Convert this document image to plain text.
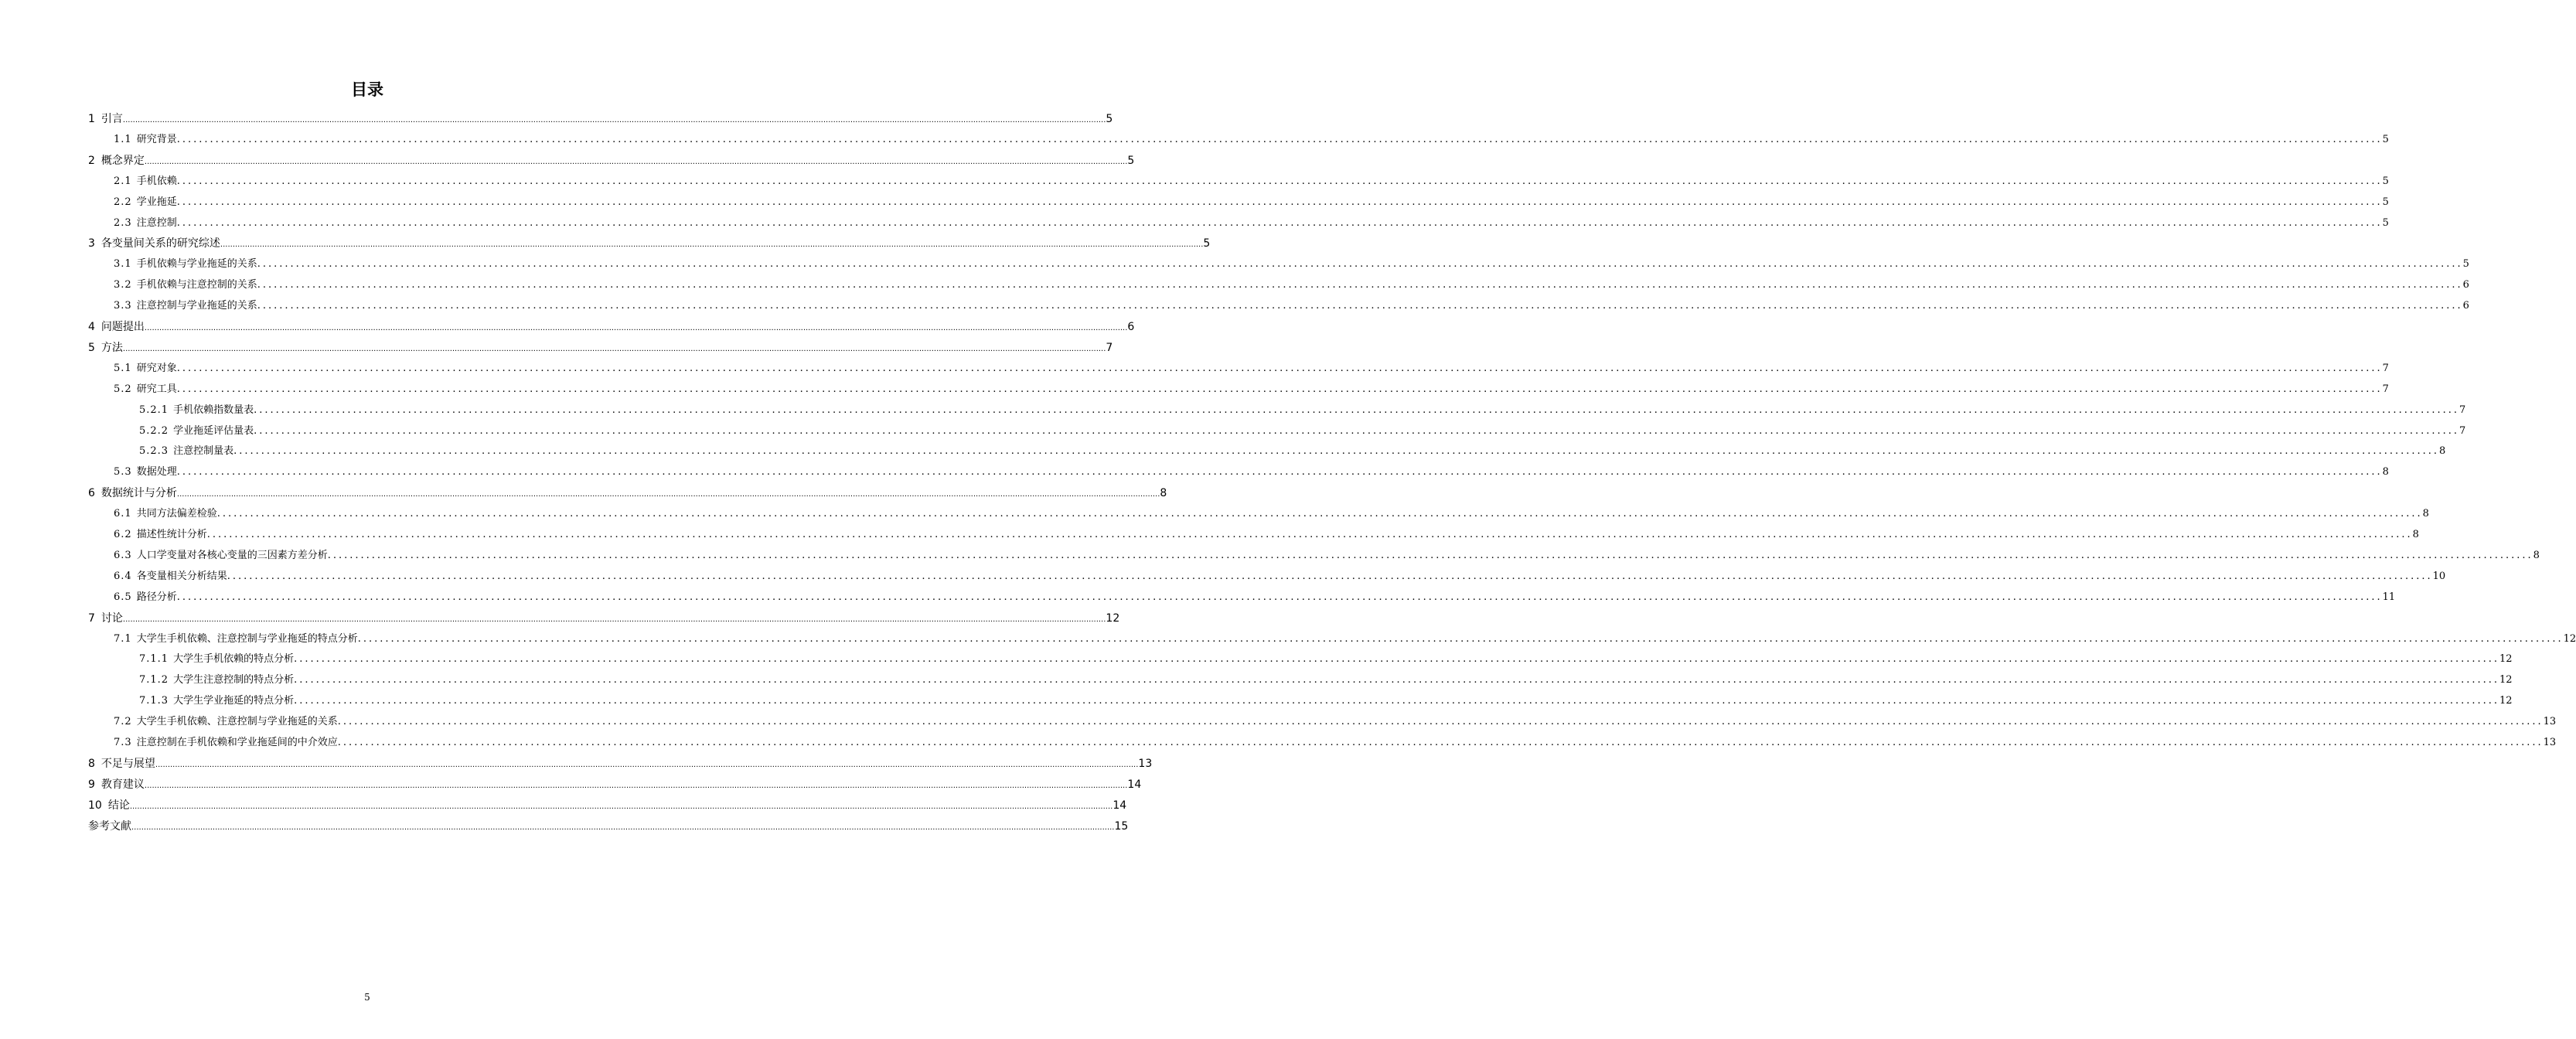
目录
1 引言 ................................................................................................................................................................................................................................................................................................................................................................................................................ 5
1.1 研究背景 ................................................................................................................................................................................................................................................................................................................................................................................................................ 5
2 概念界定 ................................................................................................................................................................................................................................................................................................................................................................................................................ 5
2.1 手机依赖 ................................................................................................................................................................................................................................................................................................................................................................................................................ 5
2.2 学业拖延 ................................................................................................................................................................................................................................................................................................................................................................................................................ 5
2.3 注意控制 ................................................................................................................................................................................................................................................................................................................................................................................................................ 5
3 各变量间关系的研究综述 ................................................................................................................................................................................................................................................................................................................................................................................................................ 5
3.1 手机依赖与学业拖延的关系 ................................................................................................................................................................................................................................................................................................................................................................................................................ 5
3.2 手机依赖与注意控制的关系 ................................................................................................................................................................................................................................................................................................................................................................................................................ 6
3.3 注意控制与学业拖延的关系 ................................................................................................................................................................................................................................................................................................................................................................................................................ 6
4 问题提出 ................................................................................................................................................................................................................................................................................................................................................................................................................ 6
5 方法 ................................................................................................................................................................................................................................................................................................................................................................................................................ 7
5.1 研究对象 ................................................................................................................................................................................................................................................................................................................................................................................................................ 7
5.2 研究工具 ................................................................................................................................................................................................................................................................................................................................................................................................................ 7
5.2.1 手机依赖指数量表 ................................................................................................................................................................................................................................................................................................................................................................................................................ 7
5.2.2 学业拖延评估量表 ................................................................................................................................................................................................................................................................................................................................................................................................................ 7
5.2.3 注意控制量表 ................................................................................................................................................................................................................................................................................................................................................................................................................ 8
5.3 数据处理 ................................................................................................................................................................................................................................................................................................................................................................................................................ 8
6 数据统计与分析 ................................................................................................................................................................................................................................................................................................................................................................................................................ 8
6.1 共同方法偏差检验 ................................................................................................................................................................................................................................................................................................................................................................................................................ 8
6.2 描述性统计分析 ................................................................................................................................................................................................................................................................................................................................................................................................................ 8
6.3 人口学变量对各核心变量的三因素方差分析 ................................................................................................................................................................................................................................................................................................................................................................................................................ 8
6.4 各变量相关分析结果 ................................................................................................................................................................................................................................................................................................................................................................................................................ 10
6.5 路径分析 ................................................................................................................................................................................................................................................................................................................................................................................................................ 11
7 讨论 ................................................................................................................................................................................................................................................................................................................................................................................................................ 12
7.1 大学生手机依赖、注意控制与学业拖延的特点分析 ................................................................................................................................................................................................................................................................................................................................................................................................................ 12
7.1.1 大学生手机依赖的特点分析 ................................................................................................................................................................................................................................................................................................................................................................................................................ 12
7.1.2 大学生注意控制的特点分析 ................................................................................................................................................................................................................................................................................................................................................................................................................ 12
7.1.3 大学生学业拖延的特点分析 ................................................................................................................................................................................................................................................................................................................................................................................................................ 12
7.2 大学生手机依赖、注意控制与学业拖延的关系 ................................................................................................................................................................................................................................................................................................................................................................................................................ 13
7.3 注意控制在手机依赖和学业拖延间的中介效应 ................................................................................................................................................................................................................................................................................................................................................................................................................ 13
8 不足与展望 ................................................................................................................................................................................................................................................................................................................................................................................................................ 13
9 教育建议 ................................................................................................................................................................................................................................................................................................................................................................................................................ 14
10 结论 ................................................................................................................................................................................................................................................................................................................................................................................................................ 14
参考文献 ................................................................................................................................................................................................................................................................................................................................................................................................................ 15
5
